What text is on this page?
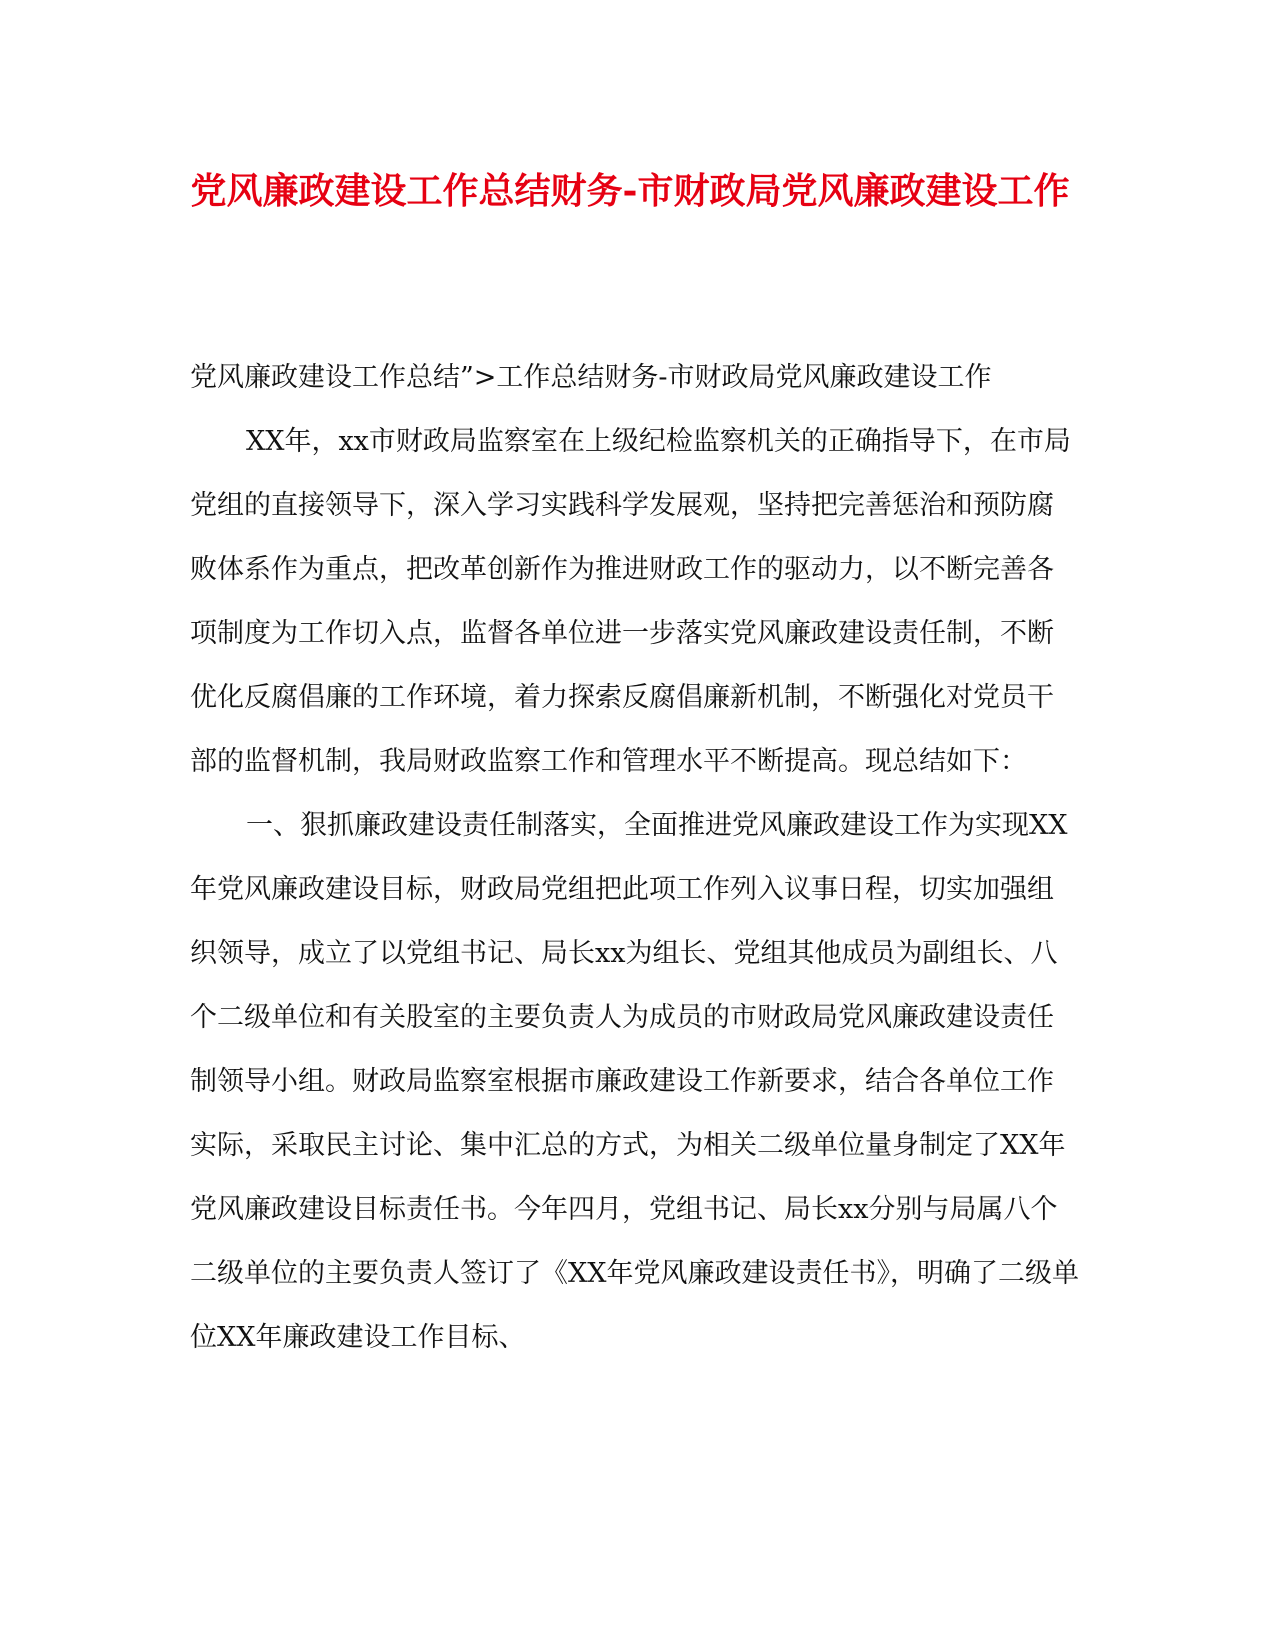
党风廉政建设工作总结财务-市财政局党风廉政建设工作

党风廉政建设工作总结”>工作总结财务-市财政局党风廉政建设工作

XX年，xx市财政局监察室在上级纪检监察机关的正确指导下，在市局党组的直接领导下，深入学习实践科学发展观，坚持把完善惩治和预防腐败体系作为重点，把改革创新作为推进财政工作的驱动力，以不断完善各项制度为工作切入点，监督各单位进一步落实党风廉政建设责任制，不断优化反腐倡廉的工作环境，着力探索反腐倡廉新机制，不断强化对党员干部的监督机制，我局财政监察工作和管理水平不断提高。现总结如下：

一、狠抓廉政建设责任制落实，全面推进党风廉政建设工作为实现XX年党风廉政建设目标，财政局党组把此项工作列入议事日程，切实加强组织领导，成立了以党组书记、局长xx为组长、党组其他成员为副组长、八个二级单位和有关股室的主要负责人为成员的市财政局党风廉政建设责任制领导小组。财政局监察室根据市廉政建设工作新要求，结合各单位工作实际，采取民主讨论、集中汇总的方式，为相关二级单位量身制定了XX年党风廉政建设目标责任书。今年四月，党组书记、局长xx分别与局属八个二级单位的主要负责人签订了《XX年党风廉政建设责任书》，明确了二级单位XX年廉政建设工作目标、
